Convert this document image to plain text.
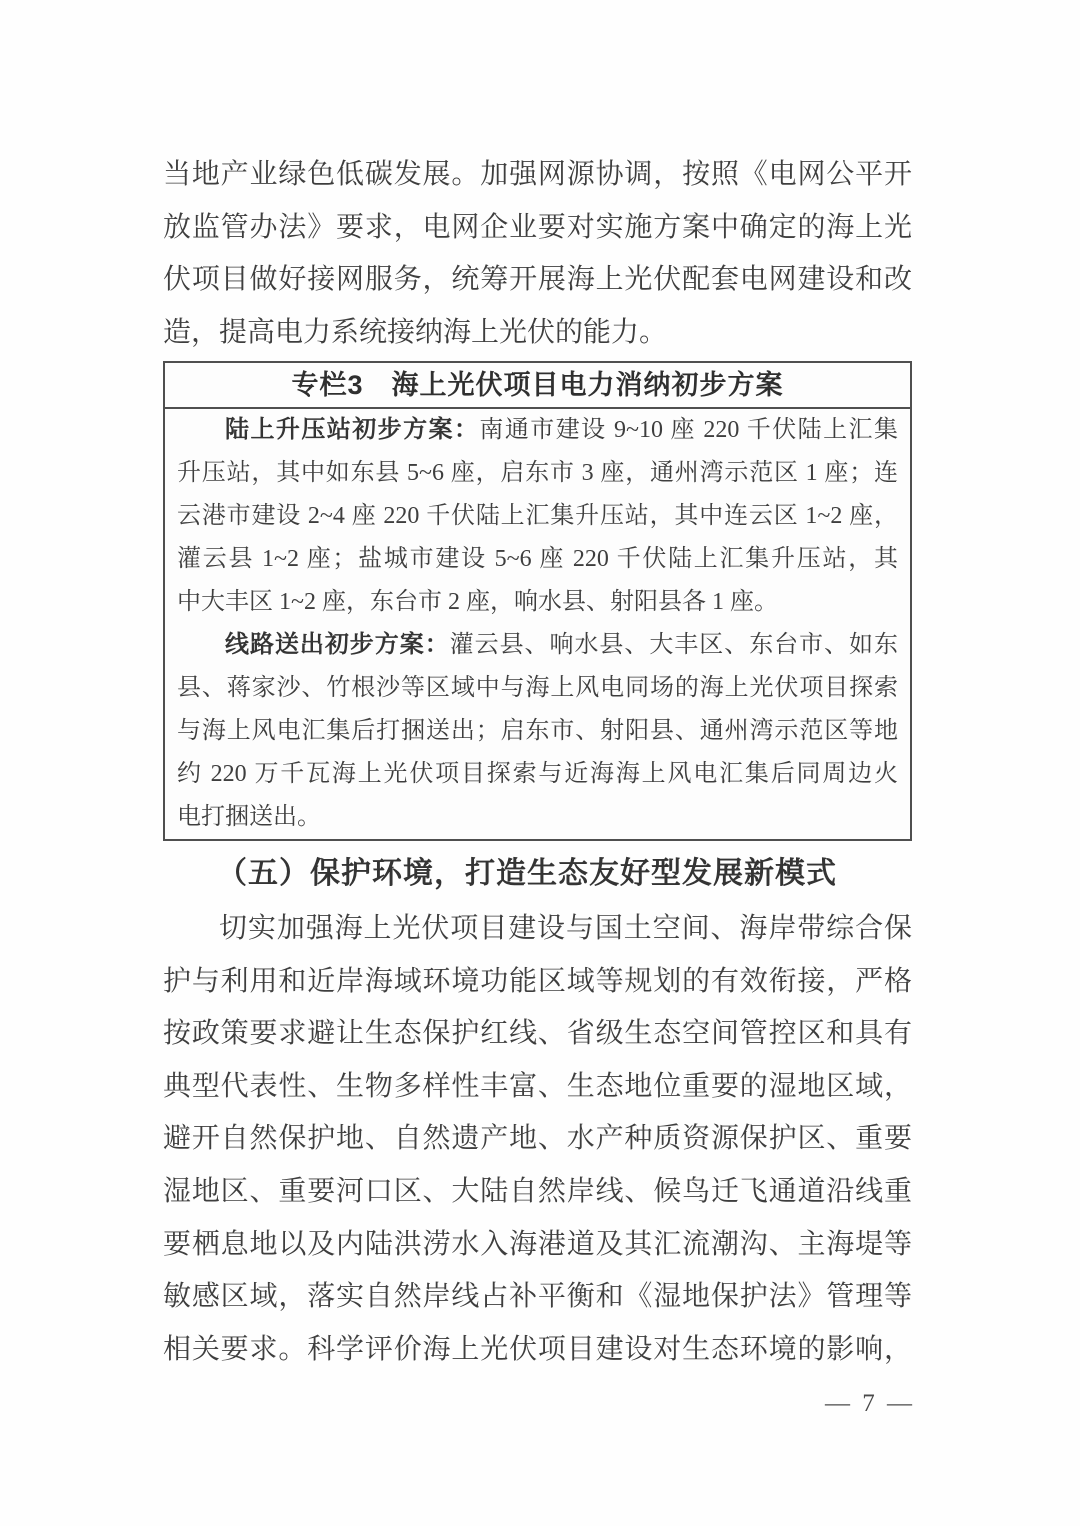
当地产业绿色低碳发展。加强网源协调，按照《电网公平开
放监管办法》要求，电网企业要对实施方案中确定的海上光
伏项目做好接网服务，统筹开展海上光伏配套电网建设和改
造，提高电力系统接纳海上光伏的能力。
专栏3　海上光伏项目电力消纳初步方案
陆上升压站初步方案：南通市建设 9~10 座 220 千伏陆上汇集
升压站，其中如东县 5~6 座，启东市 3 座，通州湾示范区 1 座；连
云港市建设 2~4 座 220 千伏陆上汇集升压站，其中连云区 1~2 座，
灌云县 1~2 座；盐城市建设 5~6 座 220 千伏陆上汇集升压站，其
中大丰区 1~2 座，东台市 2 座，响水县、射阳县各 1 座。
线路送出初步方案：灌云县、响水县、大丰区、东台市、如东
县、蒋家沙、竹根沙等区域中与海上风电同场的海上光伏项目探索
与海上风电汇集后打捆送出；启东市、射阳县、通州湾示范区等地
约 220 万千瓦海上光伏项目探索与近海海上风电汇集后同周边火
电打捆送出。
（五）保护环境，打造生态友好型发展新模式
切实加强海上光伏项目建设与国土空间、海岸带综合保
护与利用和近岸海域环境功能区域等规划的有效衔接，严格
按政策要求避让生态保护红线、省级生态空间管控区和具有
典型代表性、生物多样性丰富、生态地位重要的湿地区域，
避开自然保护地、自然遗产地、水产种质资源保护区、重要
湿地区、重要河口区、大陆自然岸线、候鸟迁飞通道沿线重
要栖息地以及内陆洪涝水入海港道及其汇流潮沟、主海堤等
敏感区域，落实自然岸线占补平衡和《湿地保护法》管理等
相关要求。科学评价海上光伏项目建设对生态环境的影响，
— 7 —
